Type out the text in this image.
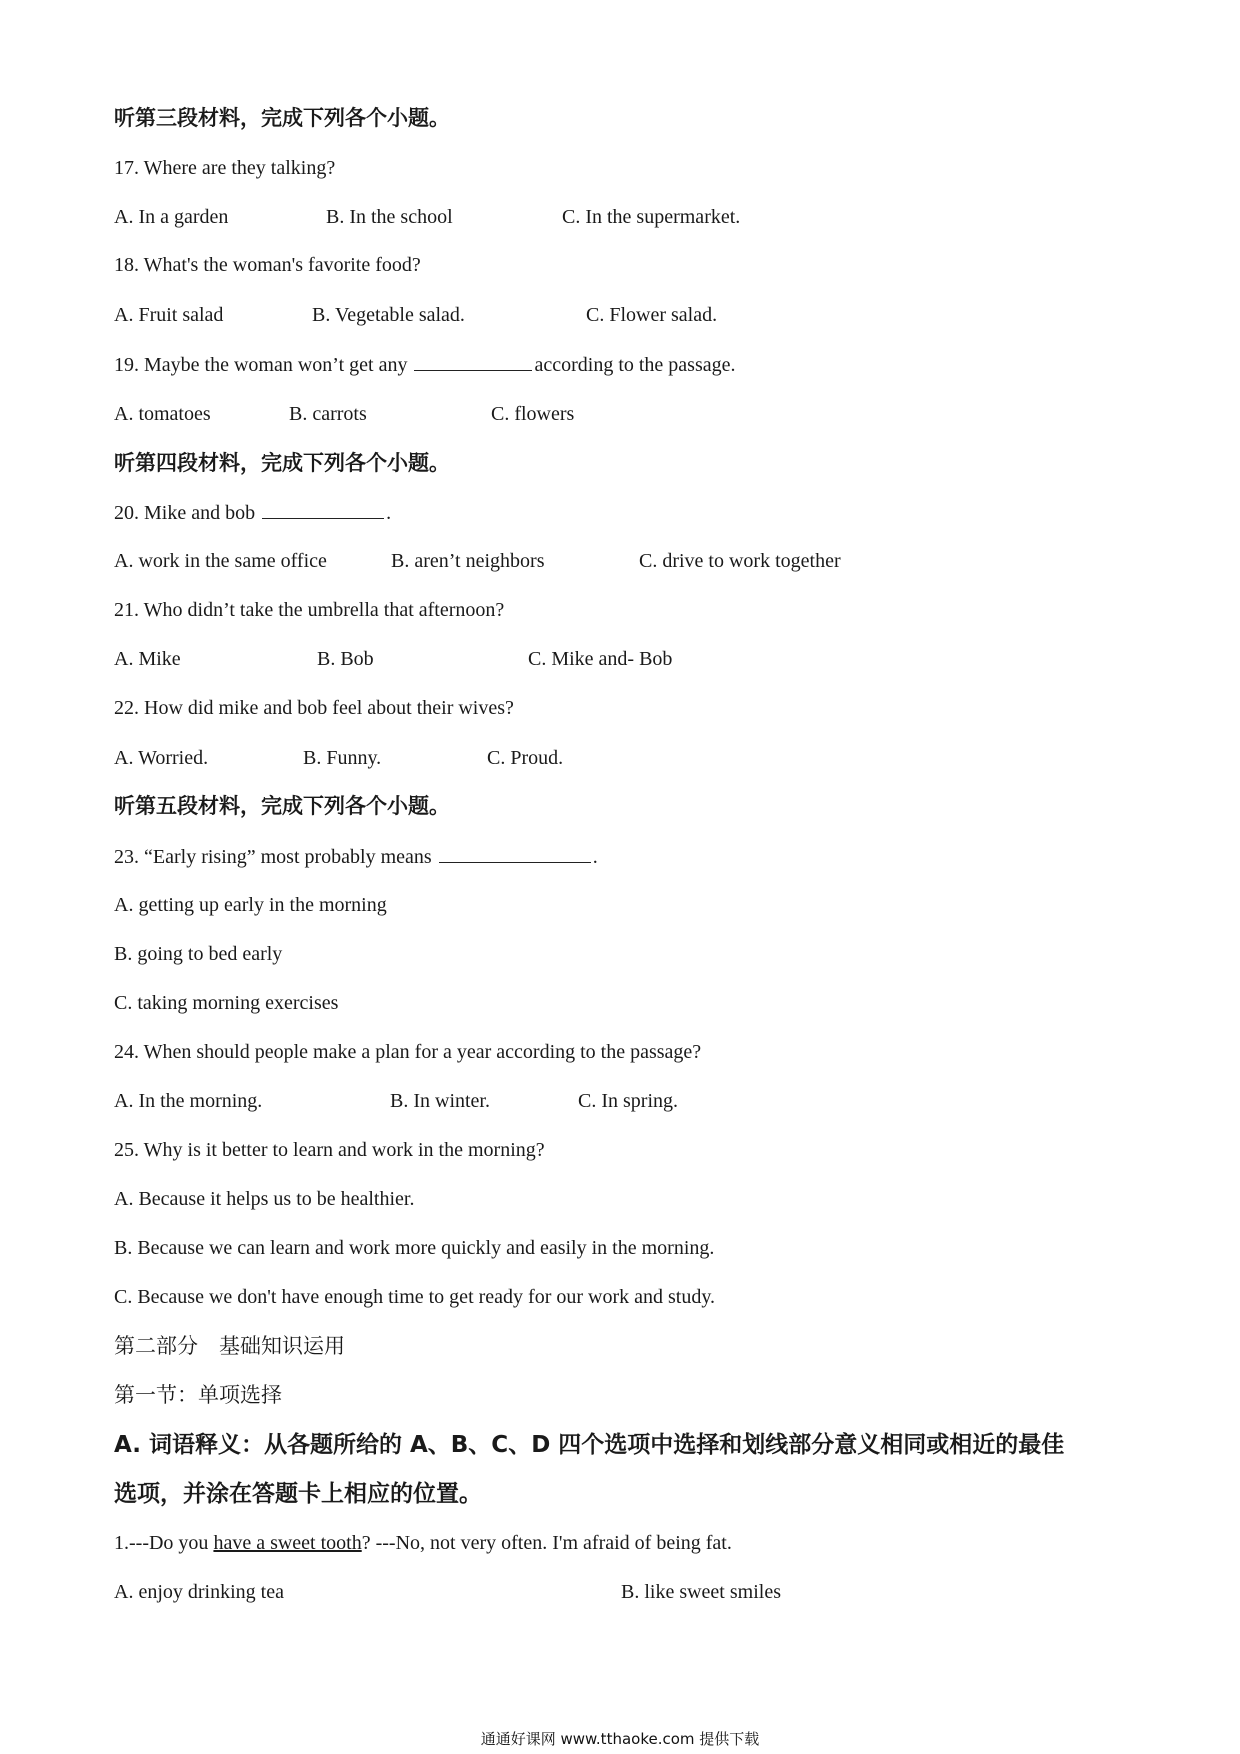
听第三段材料，完成下列各个小题。
17. Where are they talking?
A. In a garden	B. In the school	C. In the supermarket.
18. What's the woman's favorite food?
A. Fruit salad	B. Vegetable salad.	C. Flower salad.
19. Maybe the woman won’t get any	according to the passage.
A. tomatoes	B. carrots	C. flowers
听第四段材料，完成下列各个小题。
20. Mike and bob	.
A. work in the same office	B. aren’t neighbors	C. drive to work together
21. Who didn’t take the umbrella that afternoon?
A. Mike	B. Bob	C. Mike and- Bob
22. How did mike and bob feel about their wives?
A. Worried.	B. Funny.	C. Proud.
听第五段材料，完成下列各个小题。
23. “Early rising” most probably means	.
A. getting up early in the morning
B. going to bed early
C. taking morning exercises
24. When should people make a plan for a year according to the passage?
A. In the morning.	B. In winter.	C. In spring.
25. Why is it better to learn and work in the morning?
A. Because it helps us to be healthier.
B. Because we can learn and work more quickly and easily in the morning.
C. Because we don't have enough time to get ready for our work and study.
第二部分　基础知识运用
第一节：单项选择
A. 词语释义：从各题所给的 A、B、C、D 四个选项中选择和划线部分意义相同或相近的最佳
选项，并涂在答题卡上相应的位置。
1.---Do you have a sweet tooth? ---No, not very often. I'm afraid of being fat.
A. enjoy drinking tea	B. like sweet smiles
通通好课网 www.tthaoke.com 提供下载
